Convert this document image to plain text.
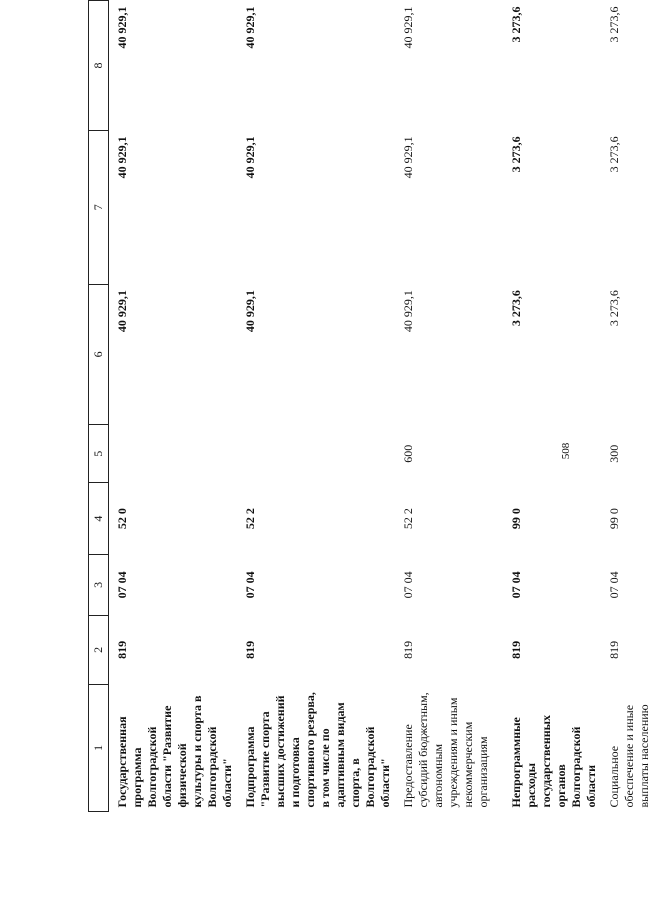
508
1	2	3	4	5	6	7	8
Государственная программа Волгоградской области "Развитие физической культуры и спорта в Волгоградской области"	819	07 04	52 0		40 929,1	40 929,1	40 929,1
Подпрограмма "Развитие спорта высших достижений и подготовка спортивного резерва, в том числе по адаптивным видам спорта, в Волгоградской области"	819	07 04	52 2		40 929,1	40 929,1	40 929,1
Предоставление субсидий бюджетным, автономным учреждениям и иным некоммерческим организациям	819	07 04	52 2	600	40 929,1	40 929,1	40 929,1
Непрограммные расходы государственных органов Волгоградской области	819	07 04	99 0		3 273,6	3 273,6	3 273,6
Социальное обеспечение и иные выплаты населению	819	07 04	99 0	300	3 273,6	3 273,6	3 273,6
